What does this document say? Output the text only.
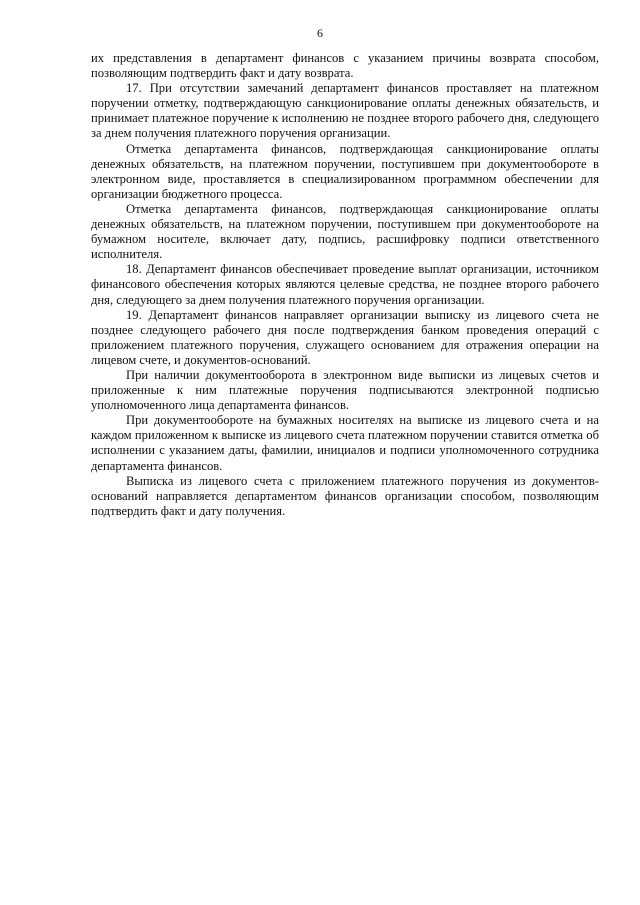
6

их представления в департамент финансов с указанием причины возврата способом, позволяющим подтвердить факт и дату возврата.

17. При отсутствии замечаний департамент финансов проставляет на платежном поручении отметку, подтверждающую санкционирование оплаты денежных обязательств, и принимает платежное поручение к исполнению не позднее второго рабочего дня, следующего за днем получения платежного поручения организации.

Отметка департамента финансов, подтверждающая санкционирование оплаты денежных обязательств, на платежном поручении, поступившем при документообороте в электронном виде, проставляется в специализированном программном обеспечении для организации бюджетного процесса.

Отметка департамента финансов, подтверждающая санкционирование оплаты денежных обязательств, на платежном поручении, поступившем при документообороте на бумажном носителе, включает дату, подпись, расшифровку подписи ответственного исполнителя.

18. Департамент финансов обеспечивает проведение выплат организации, источником финансового обеспечения которых являются целевые средства, не позднее второго рабочего дня, следующего за днем получения платежного поручения организации.

19. Департамент финансов направляет организации выписку из лицевого счета не позднее следующего рабочего дня после подтверждения банком проведения операций с приложением платежного поручения, служащего основанием для отражения операции на лицевом счете, и документов-оснований.

При наличии документооборота в электронном виде выписки из лицевых счетов и приложенные к ним платежные поручения подписываются электронной подписью уполномоченного лица департамента финансов.

При документообороте на бумажных носителях на выписке из лицевого счета и на каждом приложенном к выписке из лицевого счета платежном поручении ставится отметка об исполнении с указанием даты, фамилии, инициалов и подписи уполномоченного сотрудника департамента финансов.

Выписка из лицевого счета с приложением платежного поручения из документов-оснований направляется департаментом финансов организации способом, позволяющим подтвердить факт и дату получения.
